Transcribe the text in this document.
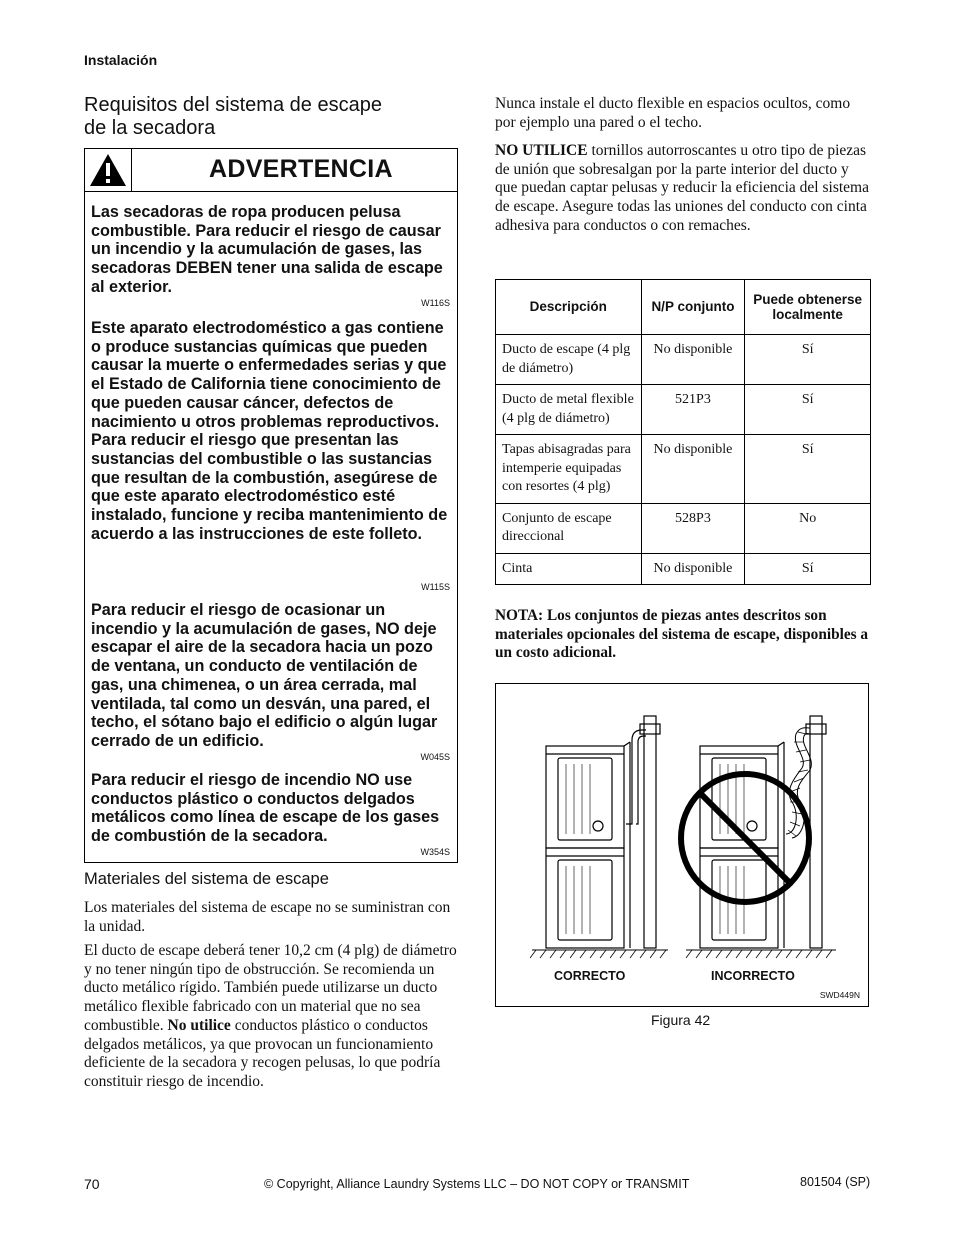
Instalación
Requisitos del sistema de escape
de la secadora
ADVERTENCIA
Las secadoras de ropa producen pelusa combustible. Para reducir el riesgo de causar un incendio y la acumulación de gases, las secadoras DEBEN tener una salida de escape al exterior.
W116S
Este aparato electrodoméstico a gas contiene o produce sustancias químicas que pueden causar la muerte o enfermedades serias y que el Estado de California tiene conocimiento de que pueden causar cáncer, defectos de nacimiento u otros problemas reproductivos. Para reducir el riesgo que presentan las sustancias del combustible o las sustancias que resultan de la combustión, asegúrese de que este aparato electrodoméstico esté instalado, funcione y reciba mantenimiento de acuerdo a las instrucciones de este folleto.
W115S
Para reducir el riesgo de ocasionar un incendio y la acumulación de gases, NO deje escapar el aire de la secadora hacia un pozo de ventana, un conducto de ventilación de gas, una chimenea, o un área cerrada, mal ventilada, tal como un desván, una pared, el techo, el sótano bajo el edificio o algún lugar cerrado de un edificio.
W045S
Para reducir el riesgo de incendio NO use conductos plástico o conductos delgados metálicos como línea de escape de los gases de combustión de la secadora.
W354S
Materiales del sistema de escape
Los materiales del sistema de escape no se suministran con la unidad.
El ducto de escape deberá tener 10,2 cm (4 plg) de diámetro y no tener ningún tipo de obstrucción. Se recomienda un ducto metálico rígido. También puede utilizarse un ducto metálico flexible fabricado con un material que no sea combustible. No utilice conductos plástico o conductos delgados metálicos, ya que provocan un funcionamiento deficiente de la secadora y recogen pelusas, lo que podría constituir riesgo de incendio.
Nunca instale el ducto flexible en espacios ocultos, como por ejemplo una pared o el techo.
NO UTILICE tornillos autorroscantes u otro tipo de piezas de unión que sobresalgan por la parte interior del ducto y que puedan captar pelusas y reducir la eficiencia del sistema de escape. Asegure todas las uniones del conducto con cinta adhesiva para conductos o con remaches.
Descripción	N/P conjunto	Puede obtenerse localmente
Ducto de escape (4 plg de diámetro)	No disponible	Sí
Ducto de metal flexible (4 plg de diámetro)	521P3	Sí
Tapas abisagradas para intemperie equipadas con resortes (4 plg)	No disponible	Sí
Conjunto de escape direccional	528P3	No
Cinta	No disponible	Sí
NOTA: Los conjuntos de piezas antes descritos son materiales opcionales del sistema de escape, disponibles a un costo adicional.
CORRECTO	INCORRECTO
SWD449N
Figura 42
70	© Copyright, Alliance Laundry Systems LLC – DO NOT COPY or TRANSMIT	801504 (SP)
